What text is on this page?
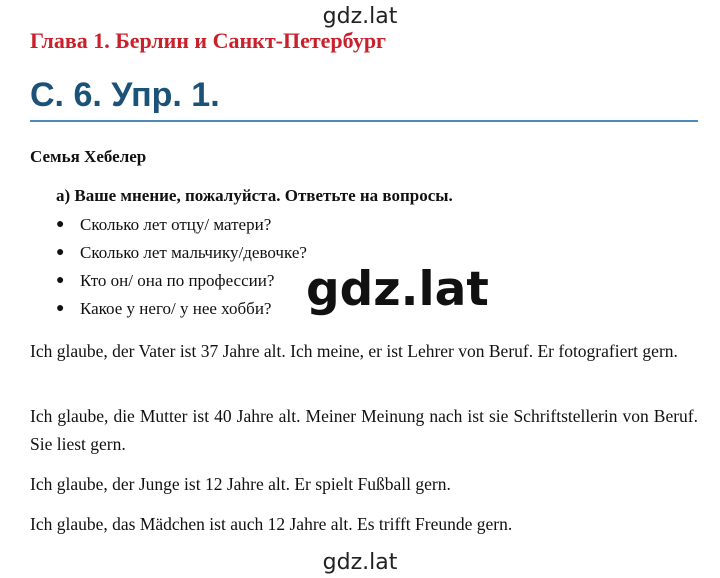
gdz.lat
Глава 1. Берлин и Санкт-Петербург
С. 6. Упр. 1.
Семья Хебелер
а) Ваше мнение, пожалуйста. Ответьте на вопросы.
● Сколько лет отцу/ матери?
● Сколько лет мальчику/девочке?
● Кто он/ она по профессии?
● Какое у него/ у нее хобби?

Ich glaube, der Vater ist 37 Jahre alt. Ich meine, er ist Lehrer von Beruf. Er fotografiert gern.

Ich glaube, die Mutter ist 40 Jahre alt. Meiner Meinung nach ist sie Schriftstellerin von Beruf. Sie liest gern.

Ich glaube, der Junge ist 12 Jahre alt. Er spielt Fußball gern.

Ich glaube, das Mädchen ist auch 12 Jahre alt. Es trifft Freunde gern.

gdz.lat
gdz.lat
